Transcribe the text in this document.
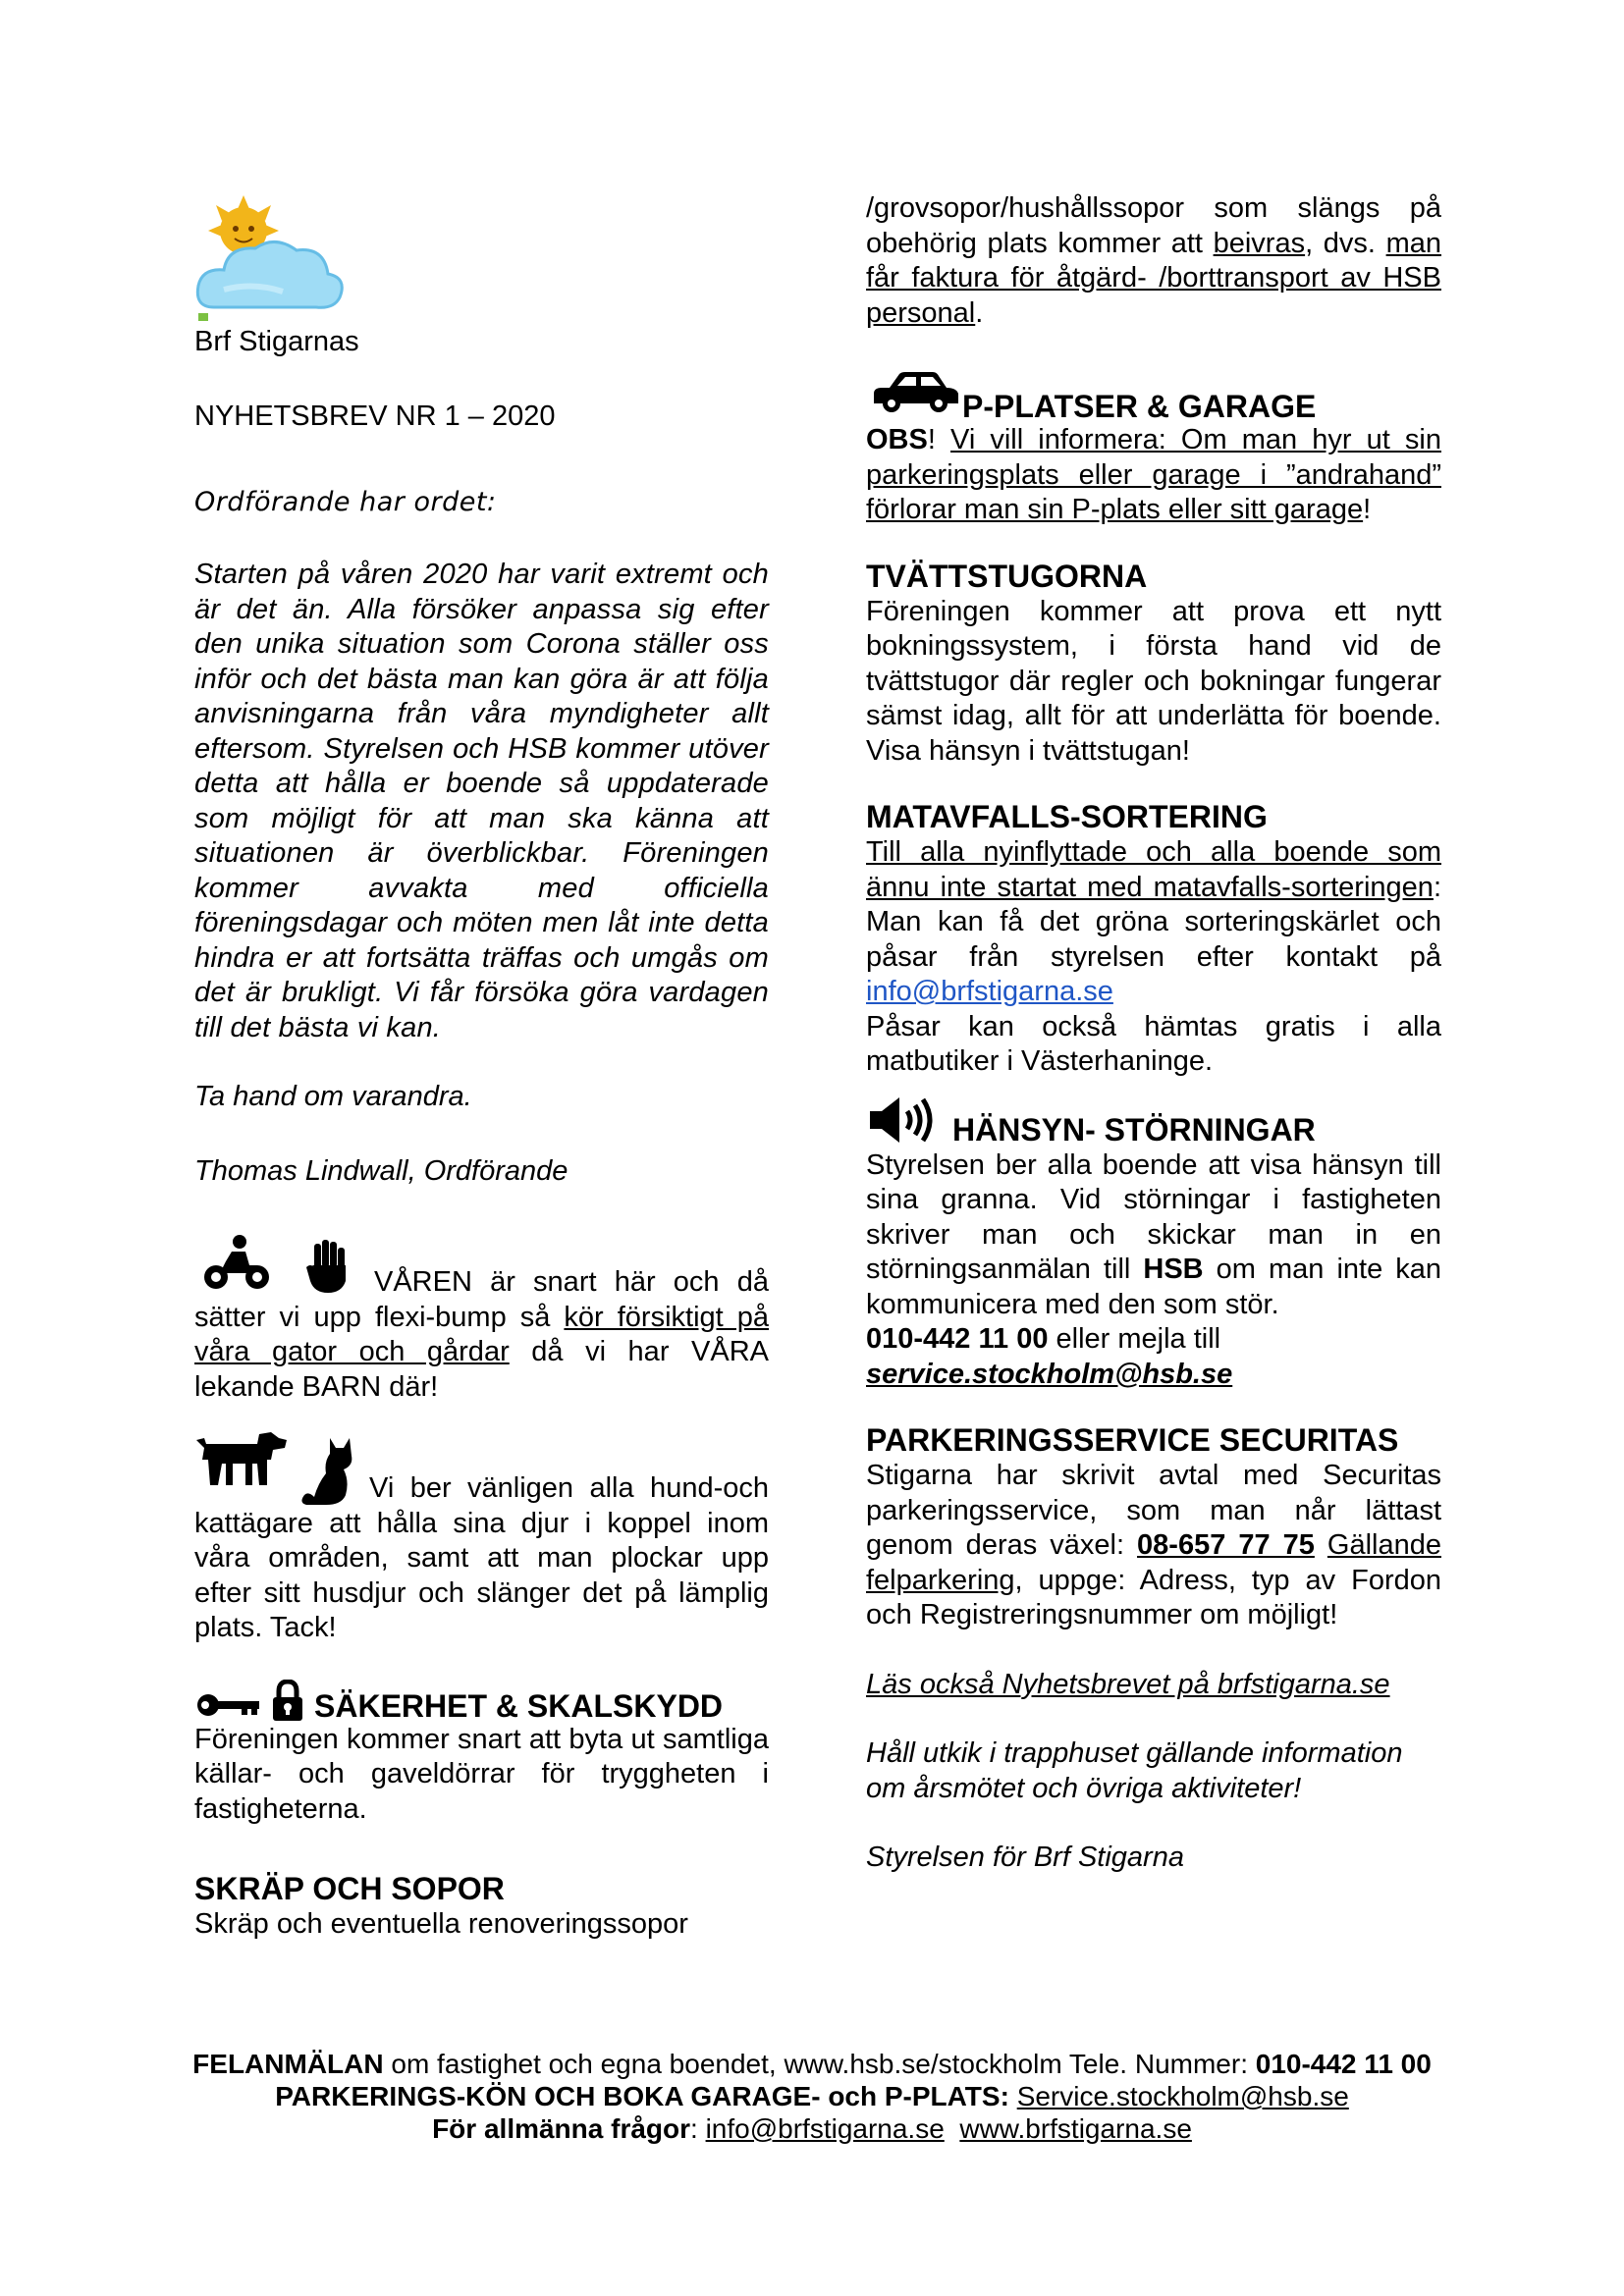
Brf Stigarnas

NYHETSBREV NR 1 – 2020

Ordförande har ordet:

Starten på våren 2020 har varit extremt och är det än. Alla försöker anpassa sig efter den unika situation som Corona ställer oss inför och det bästa man kan göra är att följa anvisningarna från våra myndigheter allt eftersom. Styrelsen och HSB kommer utöver detta att hålla er boende så uppdaterade som möjligt för att man ska känna att situationen är överblickbar. Föreningen kommer avvakta med officiella föreningsdagar och möten men låt inte detta hindra er att fortsätta träffas och umgås om det är brukligt. Vi får försöka göra vardagen till det bästa vi kan.

Ta hand om varandra.

Thomas Lindwall, Ordförande

VÅREN är snart här och då sätter vi upp flexi-bump så kör försiktigt på våra gator och gårdar då vi har VÅRA lekande BARN där!

Vi ber vänligen alla hund-och kattägare att hålla sina djur i koppel inom våra områden, samt att man plockar upp efter sitt husdjur och slänger det på lämplig plats. Tack!

SÄKERHET & SKALSKYDD

Föreningen kommer snart att byta ut samtliga källar- och gaveldörrar för tryggheten i fastigheterna.

SKRÄP OCH SOPOR

Skräp och eventuella renoveringssopor

/grovsopor/hushållssopor som slängs på obehörig plats kommer att beivras, dvs. man får faktura för åtgärd- /borttransport av HSB personal.

P-PLATSER & GARAGE

OBS! Vi vill informera: Om man hyr ut sin parkeringsplats eller garage i ”andrahand” förlorar man sin P-plats eller sitt garage!

TVÄTTSTUGORNA

Föreningen kommer att prova ett nytt bokningssystem, i första hand vid de tvättstugor där regler och bokningar fungerar sämst idag, allt för att underlätta för boende. Visa hänsyn i tvättstugan!

MATAVFALLS-SORTERING

Till alla nyinflyttade och alla boende som ännu inte startat med matavfalls-sorteringen: Man kan få det gröna sorteringskärlet och påsar från styrelsen efter kontakt på info@brfstigarna.se

Påsar kan också hämtas gratis i alla matbutiker i Västerhaninge.

HÄNSYN- STÖRNINGAR

Styrelsen ber alla boende att visa hänsyn till sina granna. Vid störningar i fastigheten skriver man och skickar man in en störningsanmälan till HSB om man inte kan kommunicera med den som stör.

010-442 11 00 eller mejla till

service.stockholm@hsb.se

PARKERINGSSERVICE SECURITAS

Stigarna har skrivit avtal med Securitas parkeringsservice, som man når lättast genom deras växel: 08-657 77 75 Gällande felparkering, uppge: Adress, typ av Fordon och Registreringsnummer om möjligt!

Läs också Nyhetsbrevet på brfstigarna.se

Håll utkik i trapphuset gällande information om årsmötet och övriga aktiviteter!

Styrelsen för Brf Stigarna

FELANMÄLAN om fastighet och egna boendet, www.hsb.se/stockholm Tele. Nummer: 010-442 11 00
PARKERINGS-KÖN OCH BOKA GARAGE- och P-PLATS: Service.stockholm@hsb.se
För allmänna frågor: info@brfstigarna.se www.brfstigarna.se
